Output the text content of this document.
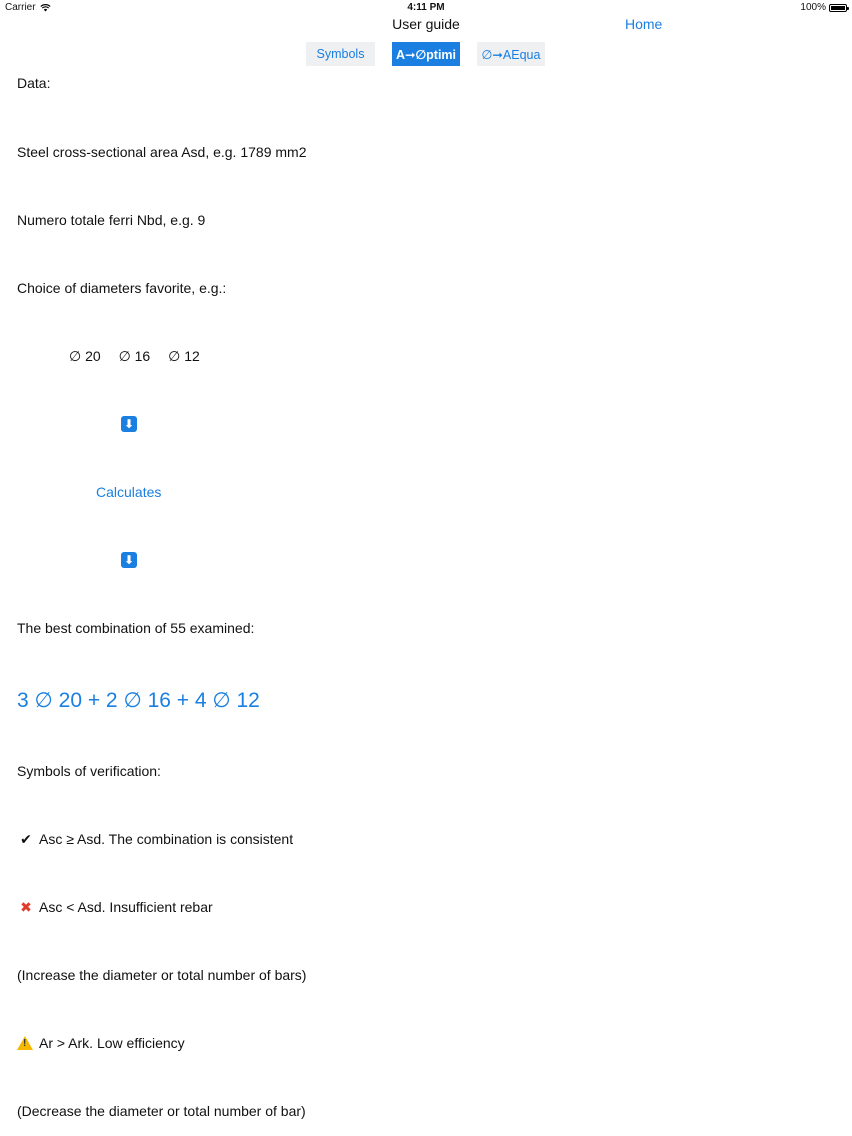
Carrier	4:11 PM	100%
User guide	Home
Symbols	A➞∅ptimi	∅➞AEqua
Data:
Steel cross-sectional area Asd, e.g. 1789 mm2
Numero totale ferri Nbd, e.g. 9
Choice of diameters favorite, e.g.:
∅ 20 ∅ 16 ∅ 12
⬇
Calculates
⬇
The best combination of 55 examined:
3 ∅ 20 + 2 ∅ 16 + 4 ∅ 12
Symbols of verification:
✔ Asc ≥ Asd. The combination is consistent
✖ Asc < Asd. Insufficient rebar
(Increase the diameter or total number of bars)
!Ar > Ark. Low efficiency
(Decrease the diameter or total number of bar)
